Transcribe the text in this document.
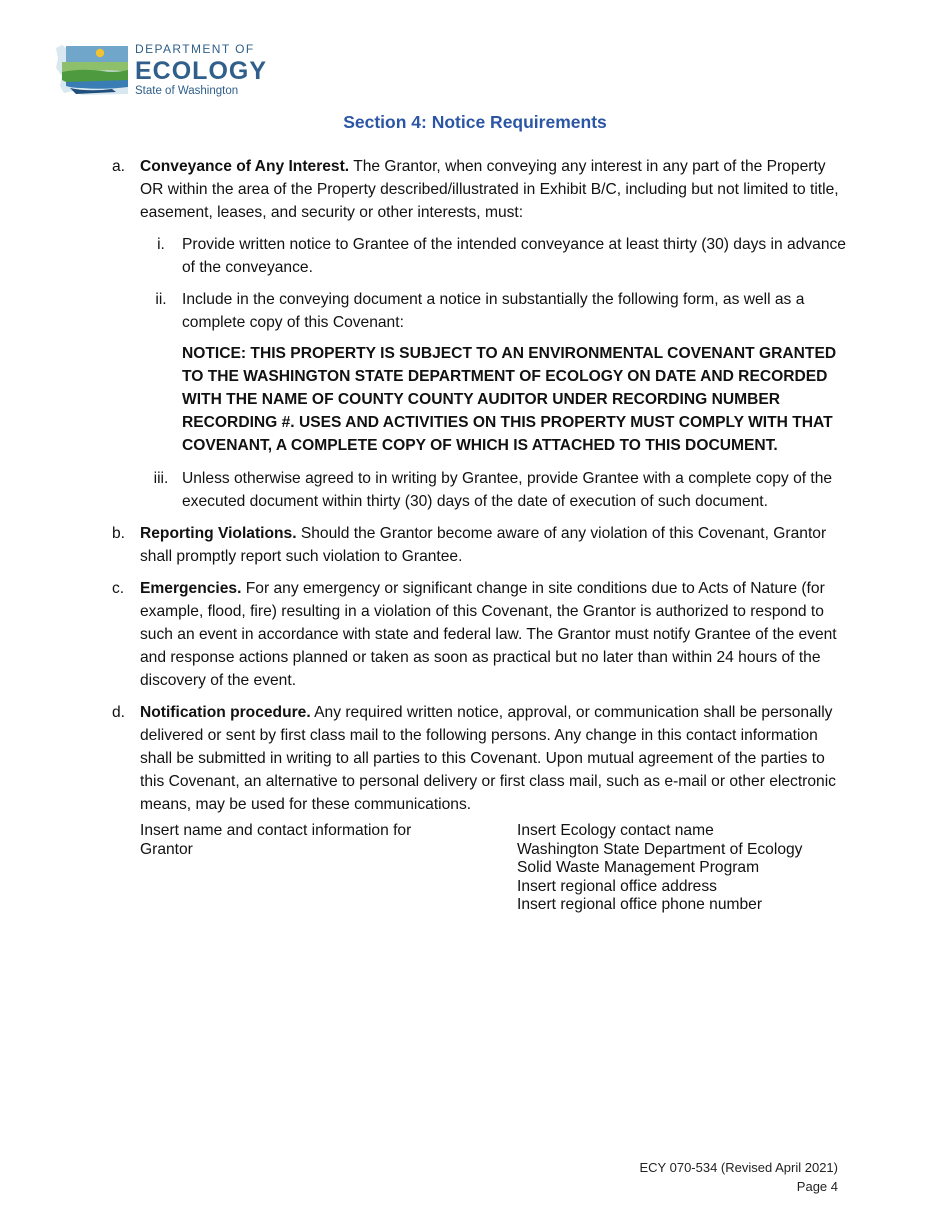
DEPARTMENT OF
ECOLOGY
State of Washington
Section 4: Notice Requirements
a. Conveyance of Any Interest. The Grantor, when conveying any interest in any part of the Property OR within the area of the Property described/illustrated in Exhibit B/C, including but not limited to title, easement, leases, and security or other interests, must:
i.	Provide written notice to Grantee of the intended conveyance at least thirty (30) days in advance of the conveyance.
ii. Include in the conveying document a notice in substantially the following form, as well as a complete copy of this Covenant:
NOTICE: THIS PROPERTY IS SUBJECT TO AN ENVIRONMENTAL COVENANT GRANTED TO THE WASHINGTON STATE DEPARTMENT OF ECOLOGY ON DATE AND RECORDED WITH THE NAME OF COUNTY COUNTY AUDITOR UNDER RECORDING NUMBER RECORDING #. USES AND ACTIVITIES ON THIS PROPERTY MUST COMPLY WITH THAT COVENANT, A COMPLETE COPY OF WHICH IS ATTACHED TO THIS DOCUMENT.
iii. Unless otherwise agreed to in writing by Grantee, provide Grantee with a complete copy of the executed document within thirty (30) days of the date of execution of such document.
b. Reporting Violations. Should the Grantor become aware of any violation of this Covenant, Grantor shall promptly report such violation to Grantee.
c. Emergencies. For any emergency or significant change in site conditions due to Acts of Nature (for example, flood, fire) resulting in a violation of this Covenant, the Grantor is authorized to respond to such an event in accordance with state and federal law. The Grantor must notify Grantee of the event and response actions planned or taken as soon as practical but no later than within 24 hours of the discovery of the event.
d. Notification procedure. Any required written notice, approval, or communication shall be personally delivered or sent by first class mail to the following persons. Any change in this contact information shall be submitted in writing to all parties to this Covenant. Upon mutual agreement of the parties to this Covenant, an alternative to personal delivery or first class mail, such as e-mail or other electronic means, may be used for these communications.
Insert name and contact information for
Grantor
Insert Ecology contact name
Washington State Department of Ecology
Solid Waste Management Program
Insert regional office address
Insert regional office phone number
ECY 070-534 (Revised April 2021)
Page 4
